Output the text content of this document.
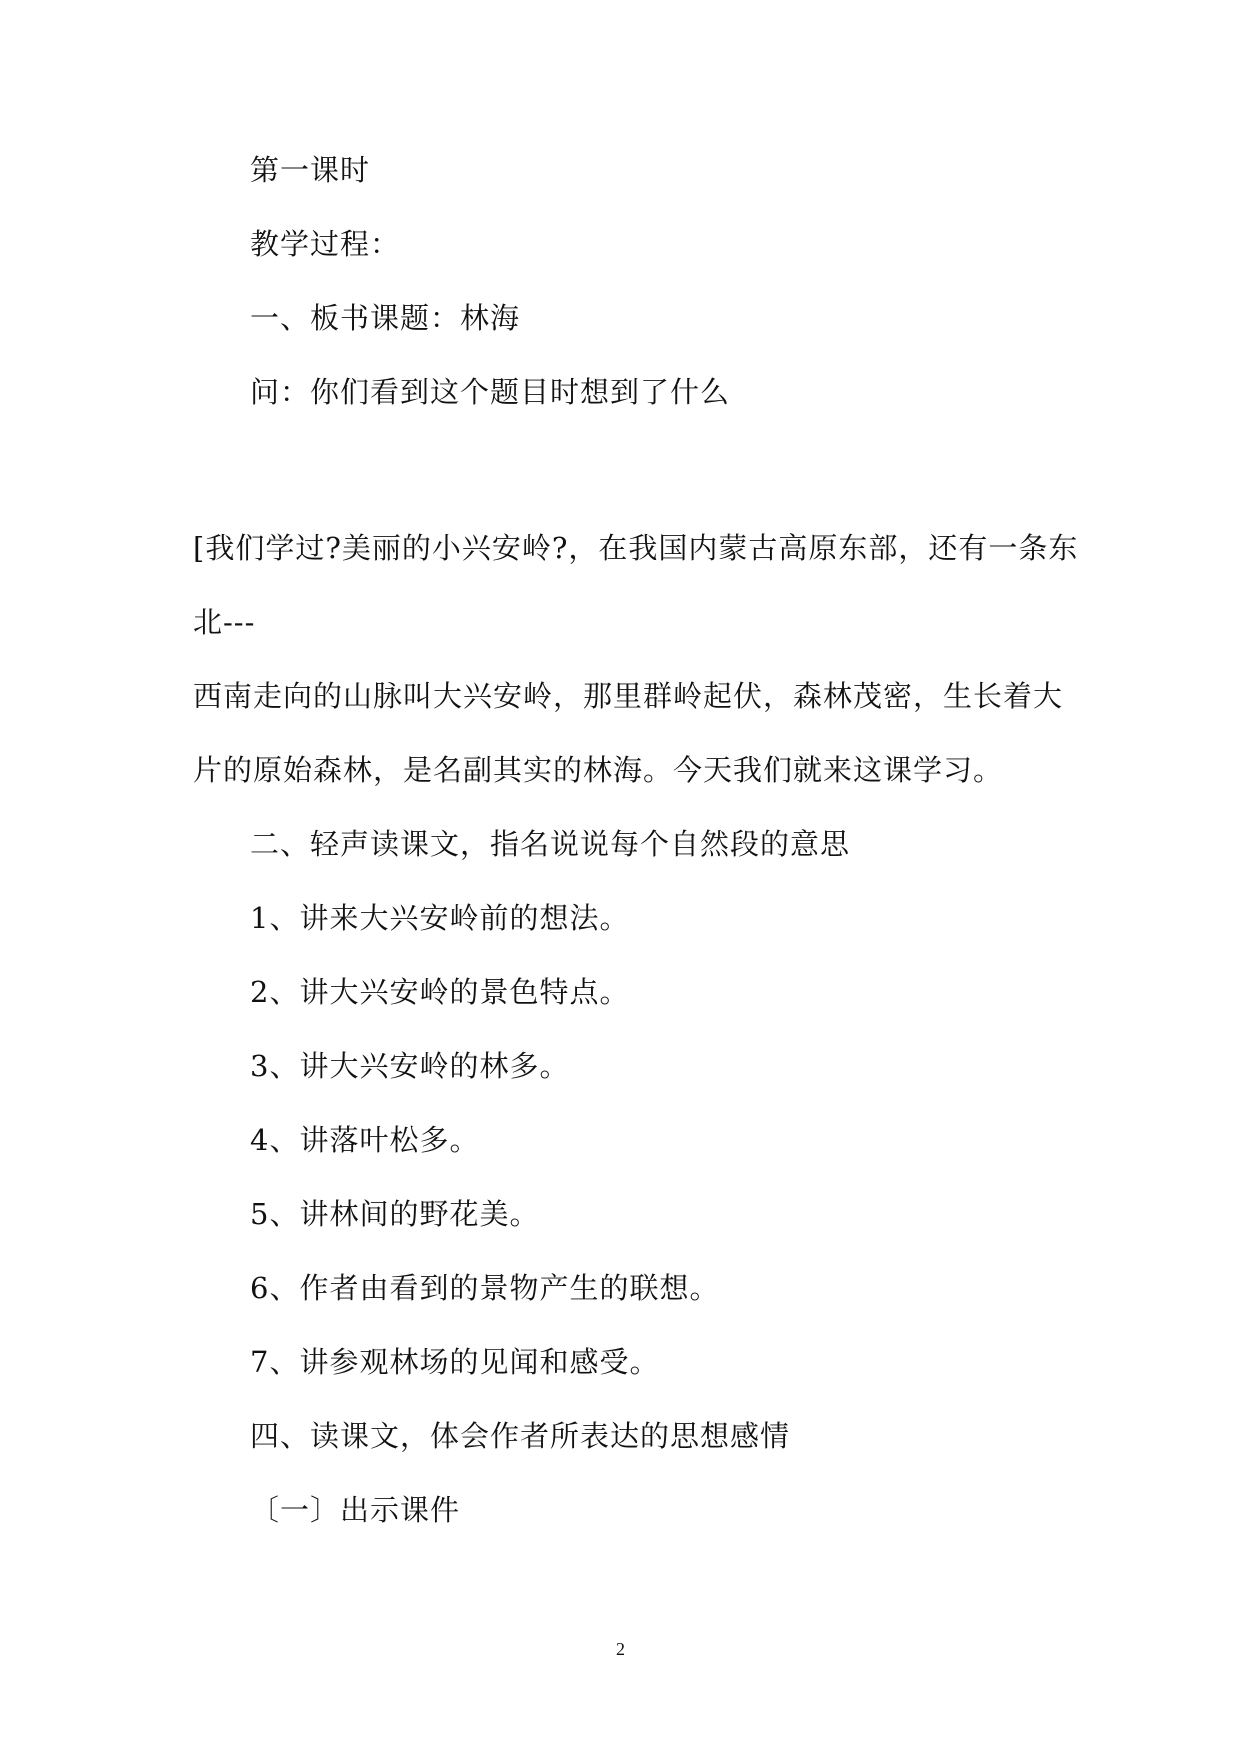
第一课时
教学过程：
一、板书课题：林海
问：你们看到这个题目时想到了什么
[我们学过?美丽的小兴安岭?，在我国内蒙古高原东部，还有一条东
北---
西南走向的山脉叫大兴安岭，那里群岭起伏，森林茂密，生长着大
片的原始森林，是名副其实的林海。今天我们就来这课学习。
二、轻声读课文，指名说说每个自然段的意思
1、讲来大兴安岭前的想法。
2、讲大兴安岭的景色特点。
3、讲大兴安岭的林多。
4、讲落叶松多。
5、讲林间的野花美。
6、作者由看到的景物产生的联想。
7、讲参观林场的见闻和感受。
四、读课文，体会作者所表达的思想感情
〔一〕出示课件
2
